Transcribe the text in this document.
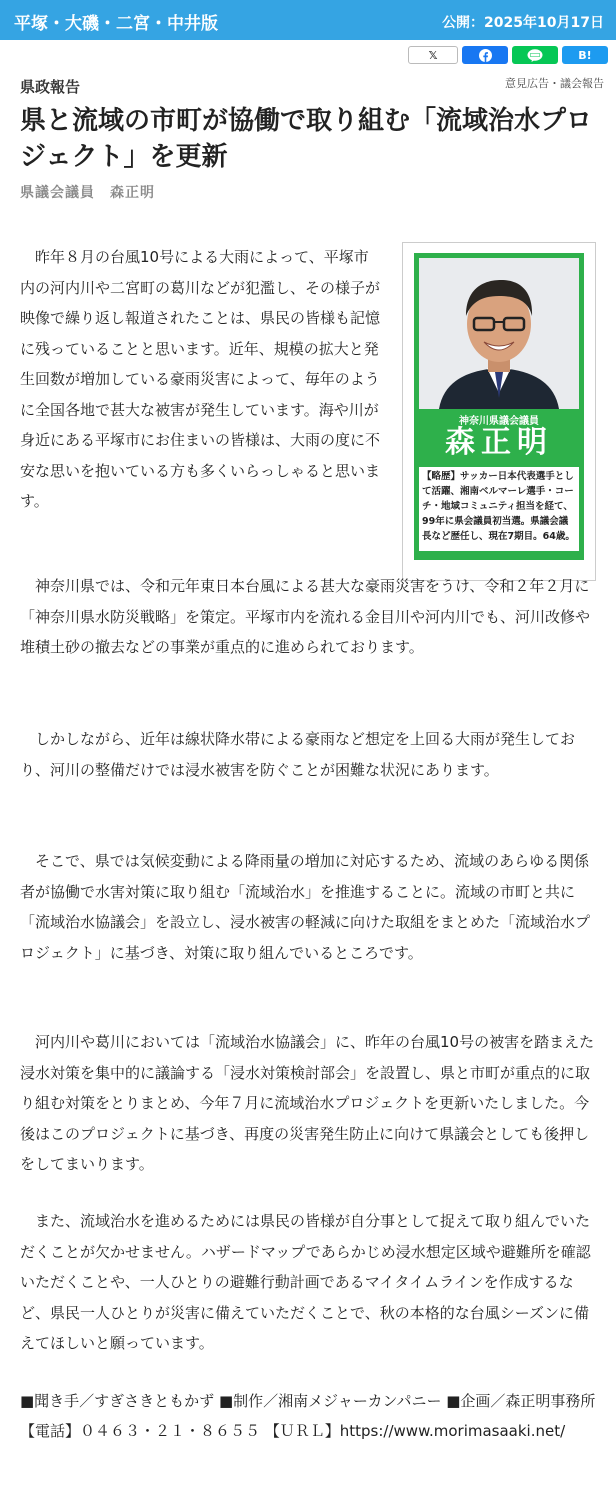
平塚・大磯・二宮・中井版	公開：2025年10月17日
𝕏	B!
県政報告	意見広告・議会報告
県と流域の市町が協働で取り組む「流域治水プロジェクト」を更新
県議会議員　森正明

昨年８月の台風10号による大雨によって、平塚市内の河内川や二宮町の葛川などが犯濫し、その様子が映像で繰り返し報道されたことは、県民の皆様も記憶に残っていることと思います。近年、規模の拡大と発生回数が増加している豪雨災害によって、毎年のように全国各地で甚大な被害が発生しています。海や川が身近にある平塚市にお住まいの皆様は、大雨の度に不安な思いを抱いている方も多くいらっしゃると思います。

神奈川県議会議員
森正明
【略歴】サッカー日本代表選手として活躍、湘南ベルマーレ選手・コーチ・地域コミュニティ担当を経て、99年に県会議員初当選。県議会議長など歴任し、現在7期目。64歳。

神奈川県では、令和元年東日本台風による甚大な豪雨災害をうけ、令和２年２月に「神奈川県水防災戦略」を策定。平塚市内を流れる金目川や河内川でも、河川改修や堆積土砂の撤去などの事業が重点的に進められております。

しかしながら、近年は線状降水帯による豪雨など想定を上回る大雨が発生しており、河川の整備だけでは浸水被害を防ぐことが困難な状況にあります。

そこで、県では気候変動による降雨量の増加に対応するため、流域のあらゆる関係者が協働で水害対策に取り組む「流域治水」を推進することに。流域の市町と共に「流域治水協議会」を設立し、浸水被害の軽減に向けた取組をまとめた「流域治水プロジェクト」に基づき、対策に取り組んでいるところです。

河内川や葛川においては「流域治水協議会」に、昨年の台風10号の被害を踏まえた浸水対策を集中的に議論する「浸水対策検討部会」を設置し、県と市町が重点的に取り組む対策をとりまとめ、今年７月に流域治水プロジェクトを更新いたしました。今後はこのプロジェクトに基づき、再度の災害発生防止に向けて県議会としても後押しをしてまいります。

また、流域治水を進めるためには県民の皆様が自分事として捉えて取り組んでいただくことが欠かせません。ハザードマップであらかじめ浸水想定区域や避難所を確認いただくことや、一人ひとりの避難行動計画であるマイタイムラインを作成するなど、県民一人ひとりが災害に備えていただくことで、秋の本格的な台風シーズンに備えてほしいと願っています。

■聞き手／すぎさきともかず ■制作／湘南メジャーカンパニー ■企画／森正明事務所【電話】０４６３・２１・８６５５ 【ＵＲＬ】https://www.morimasaaki.net/
